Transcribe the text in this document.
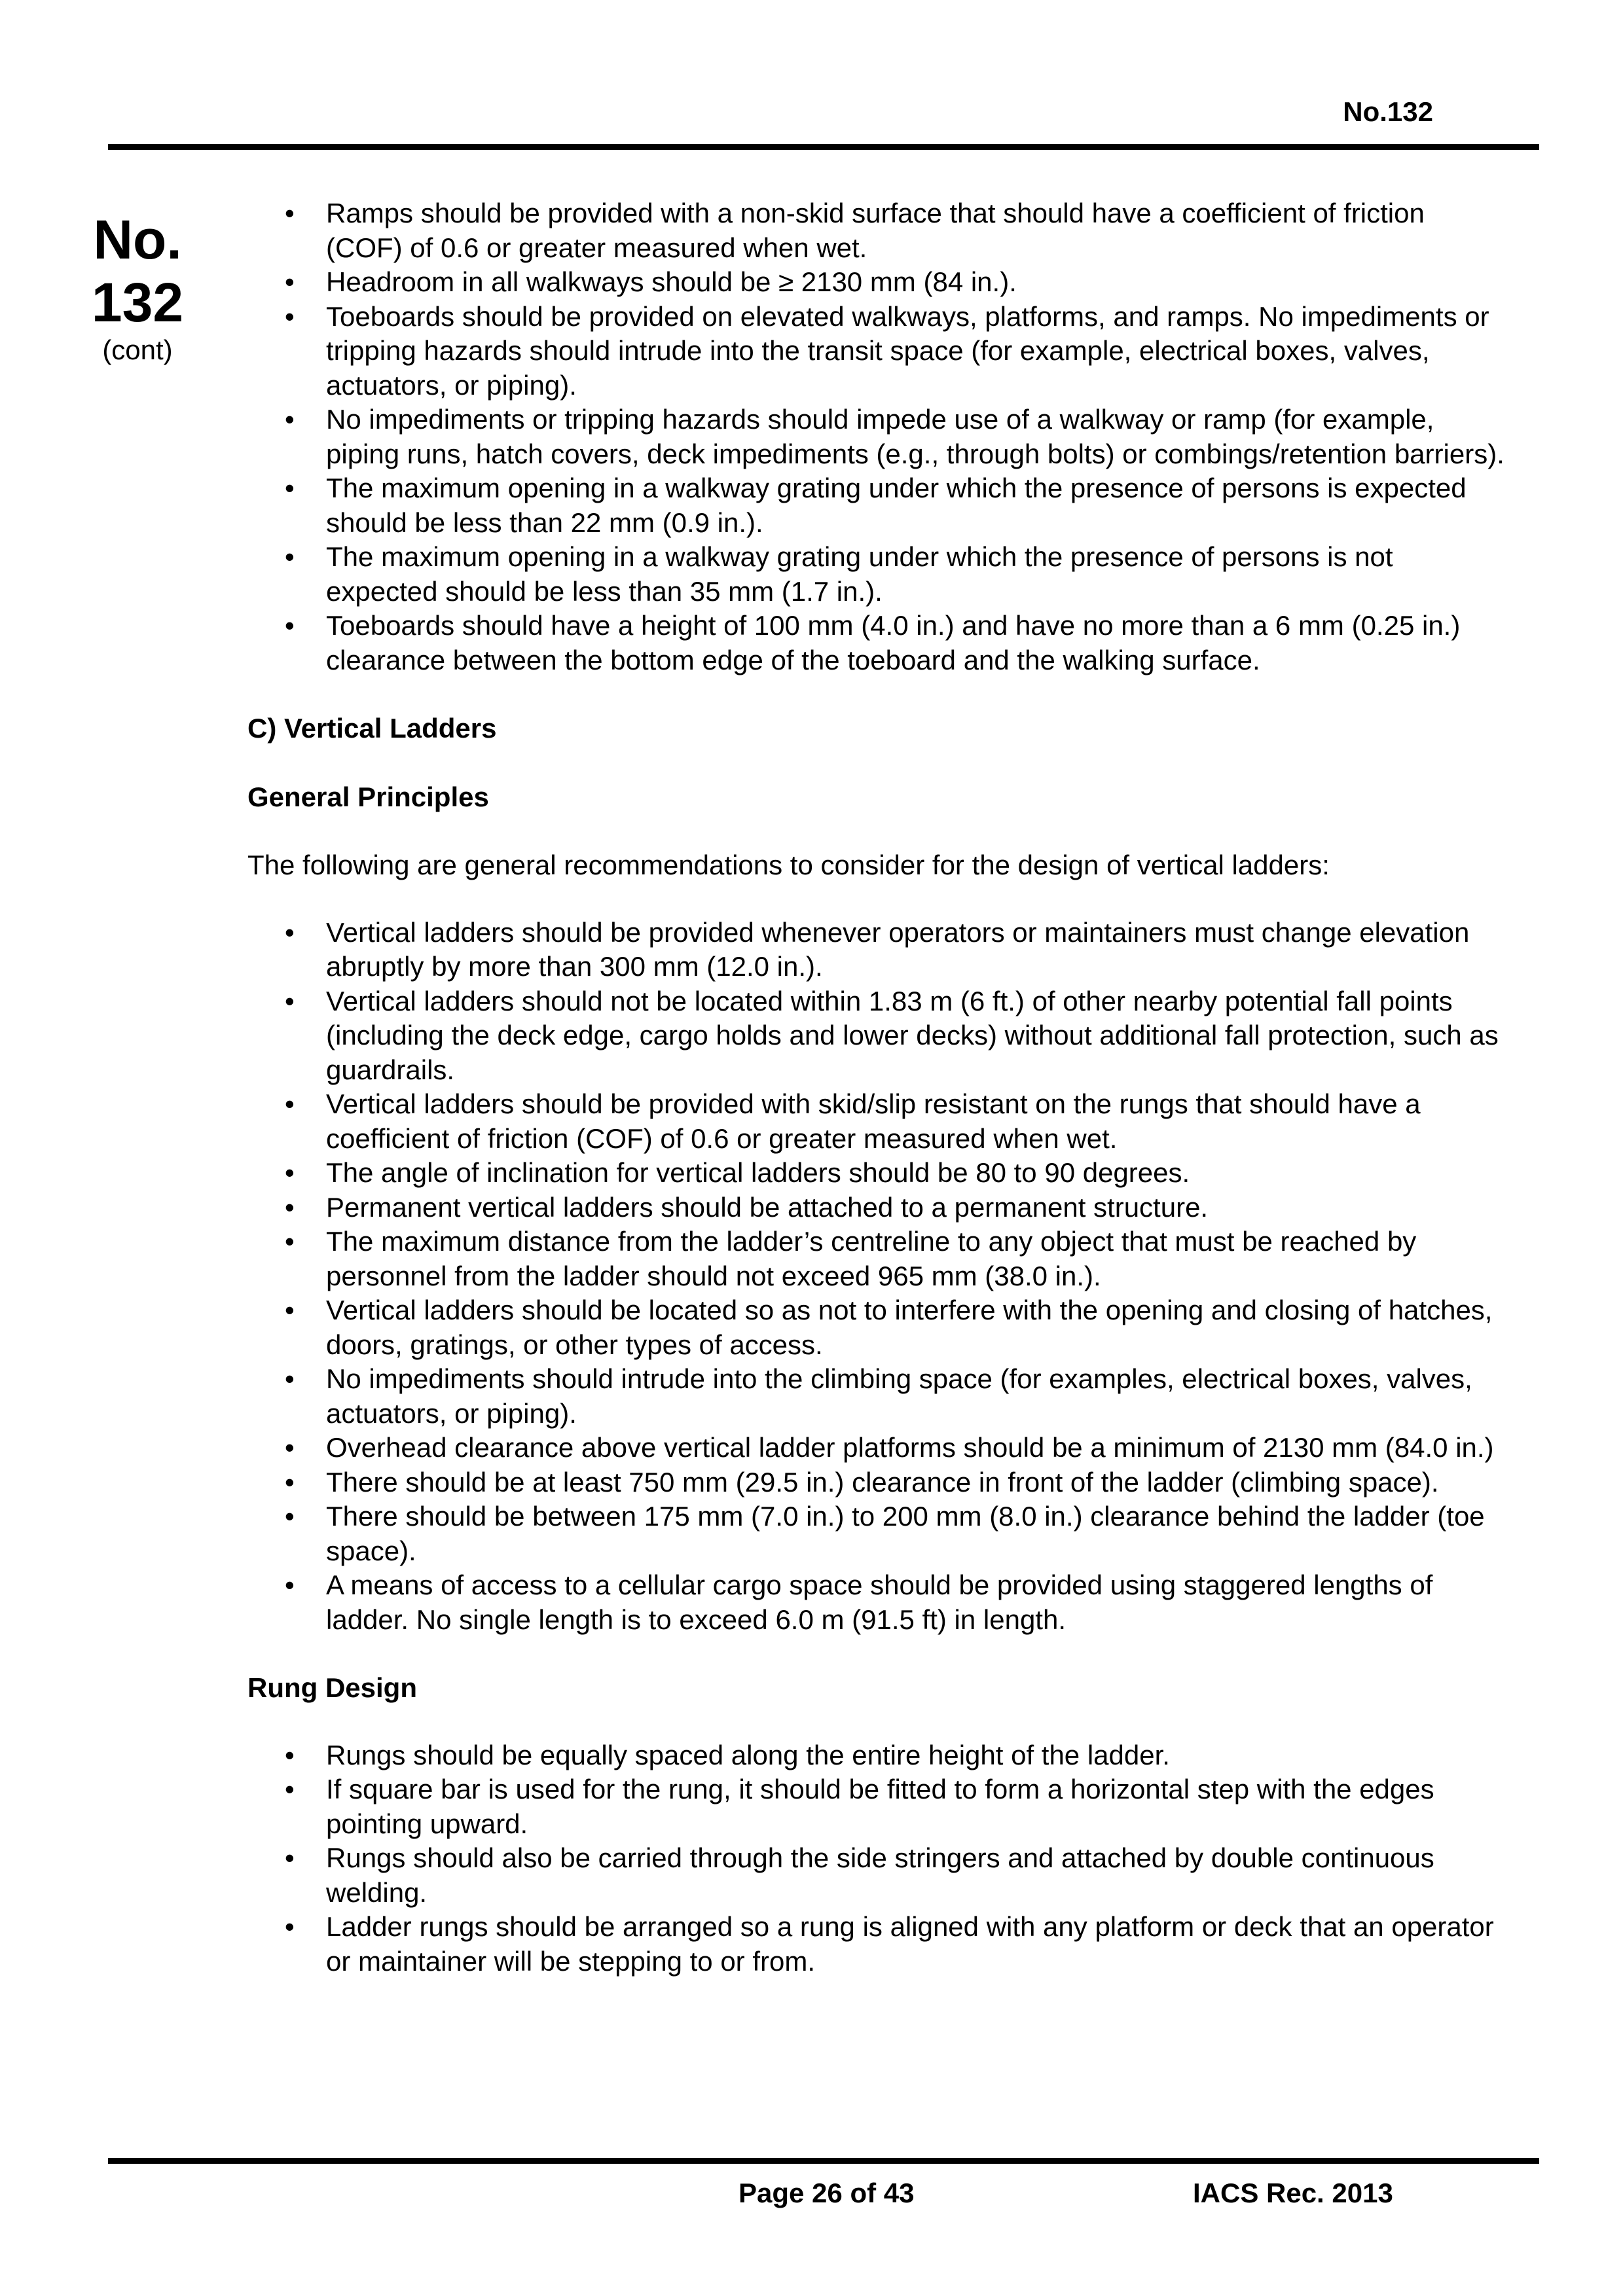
No.132
No.
132
(cont)
• Ramps should be provided with a non-skid surface that should have a coefficient of friction (COF) of 0.6 or greater measured when wet.
• Headroom in all walkways should be ≥ 2130 mm (84 in.).
• Toeboards should be provided on elevated walkways, platforms, and ramps. No impediments or tripping hazards should intrude into the transit space (for example, electrical boxes, valves, actuators, or piping).
• No impediments or tripping hazards should impede use of a walkway or ramp (for example, piping runs, hatch covers, deck impediments (e.g., through bolts) or combings/retention barriers).
• The maximum opening in a walkway grating under which the presence of persons is expected should be less than 22 mm (0.9 in.).
• The maximum opening in a walkway grating under which the presence of persons is not expected should be less than 35 mm (1.7 in.).
• Toeboards should have a height of 100 mm (4.0 in.) and have no more than a 6 mm (0.25 in.) clearance between the bottom edge of the toeboard and the walking surface.

C) Vertical Ladders

General Principles

The following are general recommendations to consider for the design of vertical ladders:

• Vertical ladders should be provided whenever operators or maintainers must change elevation abruptly by more than 300 mm (12.0 in.).
• Vertical ladders should not be located within 1.83 m (6 ft.) of other nearby potential fall points (including the deck edge, cargo holds and lower decks) without additional fall protection, such as guardrails.
• Vertical ladders should be provided with skid/slip resistant on the rungs that should have a coefficient of friction (COF) of 0.6 or greater measured when wet.
• The angle of inclination for vertical ladders should be 80 to 90 degrees.
• Permanent vertical ladders should be attached to a permanent structure.
• The maximum distance from the ladder’s centreline to any object that must be reached by personnel from the ladder should not exceed 965 mm (38.0 in.).
• Vertical ladders should be located so as not to interfere with the opening and closing of hatches, doors, gratings, or other types of access.
• No impediments should intrude into the climbing space (for examples, electrical boxes, valves, actuators, or piping).
• Overhead clearance above vertical ladder platforms should be a minimum of 2130 mm (84.0 in.)
• There should be at least 750 mm (29.5 in.) clearance in front of the ladder (climbing space).
• There should be between 175 mm (7.0 in.) to 200 mm (8.0 in.) clearance behind the ladder (toe space).
• A means of access to a cellular cargo space should be provided using staggered lengths of ladder. No single length is to exceed 6.0 m (91.5 ft) in length.

Rung Design

• Rungs should be equally spaced along the entire height of the ladder.
• If square bar is used for the rung, it should be fitted to form a horizontal step with the edges pointing upward.
• Rungs should also be carried through the side stringers and attached by double continuous welding.
• Ladder rungs should be arranged so a rung is aligned with any platform or deck that an operator or maintainer will be stepping to or from.
Page 26 of 43	IACS Rec. 2013
